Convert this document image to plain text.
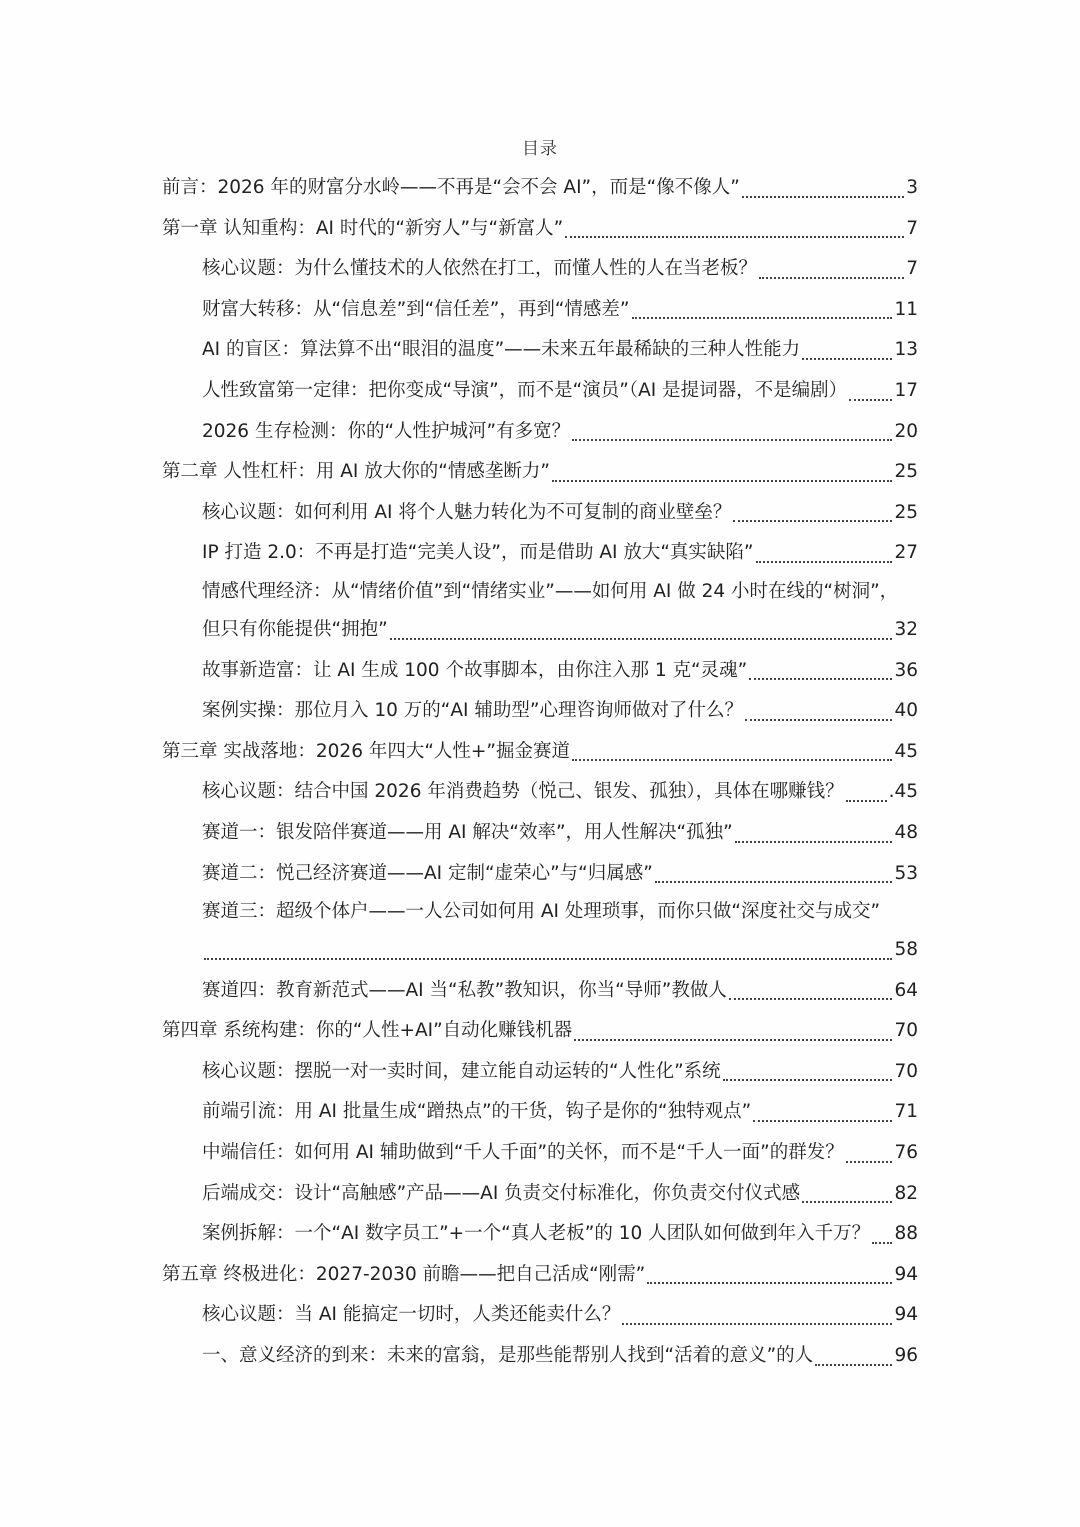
目录
前言：2026 年的财富分水岭——不再是“会不会 AI”，而是“像不像人”	3
第一章 认知重构：AI 时代的“新穷人”与“新富人”	7
核心议题：为什么懂技术的人依然在打工，而懂人性的人在当老板？	7
财富大转移：从“信息差”到“信任差”，再到“情感差”	11
AI 的盲区：算法算不出“眼泪的温度”——未来五年最稀缺的三种人性能力	13
人性致富第一定律：把你变成“导演”，而不是“演员”（AI 是提词器，不是编剧）	17
2026 生存检测：你的“人性护城河”有多宽？	20
第二章 人性杠杆：用 AI 放大你的“情感垄断力”	25
核心议题：如何利用 AI 将个人魅力转化为不可复制的商业壁垒？	25
IP 打造 2.0：不再是打造“完美人设”，而是借助 AI 放大“真实缺陷”	27
情感代理经济：从“情绪价值”到“情绪实业”——如何用 AI 做 24 小时在线的“树洞”，
但只有你能提供“拥抱”	32
故事新造富：让 AI 生成 100 个故事脚本，由你注入那 1 克“灵魂”	36
案例实操：那位月入 10 万的“AI 辅助型”心理咨询师做对了什么？	40
第三章 实战落地：2026 年四大“人性+”掘金赛道	45
核心议题：结合中国 2026 年消费趋势（悦己、银发、孤独），具体在哪赚钱？ .45
赛道一：银发陪伴赛道——用 AI 解决“效率”，用人性解决“孤独”	48
赛道二：悦己经济赛道——AI 定制“虚荣心”与“归属感”	53
赛道三：超级个体户——一人公司如何用 AI 处理琐事，而你只做“深度社交与成交”
58
赛道四：教育新范式——AI 当“私教”教知识，你当“导师”教做人	64
第四章 系统构建：你的“人性+AI”自动化赚钱机器	70
核心议题：摆脱一对一卖时间，建立能自动运转的“人性化”系统	70
前端引流：用 AI 批量生成“蹭热点”的干货，钩子是你的“独特观点”	71
中端信任：如何用 AI 辅助做到“千人千面”的关怀，而不是“千人一面”的群发？	76
后端成交：设计“高触感”产品——AI 负责交付标准化，你负责交付仪式感	82
案例拆解：一个“AI 数字员工”+一个“真人老板”的 10 人团队如何做到年入千万？ 88
第五章 终极进化：2027-2030 前瞻——把自己活成“刚需”	94
核心议题：当 AI 能搞定一切时，人类还能卖什么？	94
一、意义经济的到来：未来的富翁，是那些能帮别人找到“活着的意义”的人	96
